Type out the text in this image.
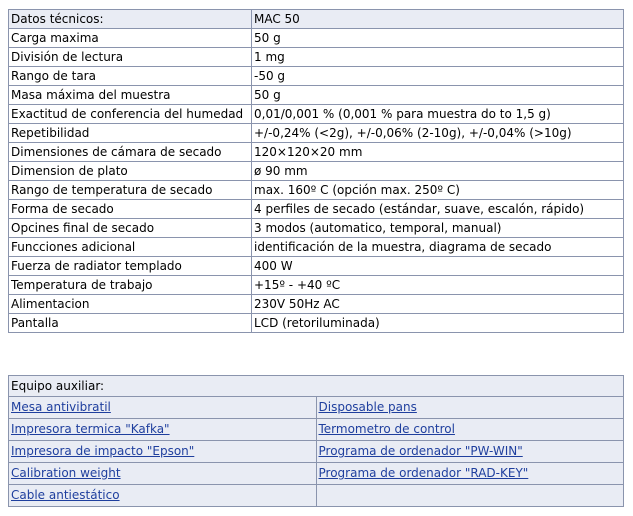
Datos técnicos:	MAC 50
Carga maxima	50 g
División de lectura	1 mg
Rango de tara	-50 g
Masa máxima del muestra	50 g
Exactitud de conferencia del humedad	0,01/0,001 % (0,001 % para muestra do to 1,5 g)
Repetibilidad	+/-0,24% (<2g), +/-0,06% (2-10g), +/-0,04% (>10g)
Dimensiones de cámara de secado	120×120×20 mm
Dimension de plato	ø 90 mm
Rango de temperatura de secado	max. 160º C (opción max. 250º C)
Forma de secado	4 perfiles de secado (estándar, suave, escalón, rápido)
Opcines final de secado	3 modos (automatico, temporal, manual)
Funcciones adicional	identificación de la muestra, diagrama de secado
Fuerza de radiator templado	400 W
Temperatura de trabajo	+15º - +40 ºC
Alimentacion	230V 50Hz AC
Pantalla	LCD (retoriluminada)
Equipo auxiliar:	
Mesa antivibratil	Disposable pans
Impresora termica "Kafka"	Termometro de control
Impresora de impacto "Epson"	Programa de ordenador "PW-WIN"
Calibration weight	Programa de ordenador "RAD-KEY"
Cable antiestático	
